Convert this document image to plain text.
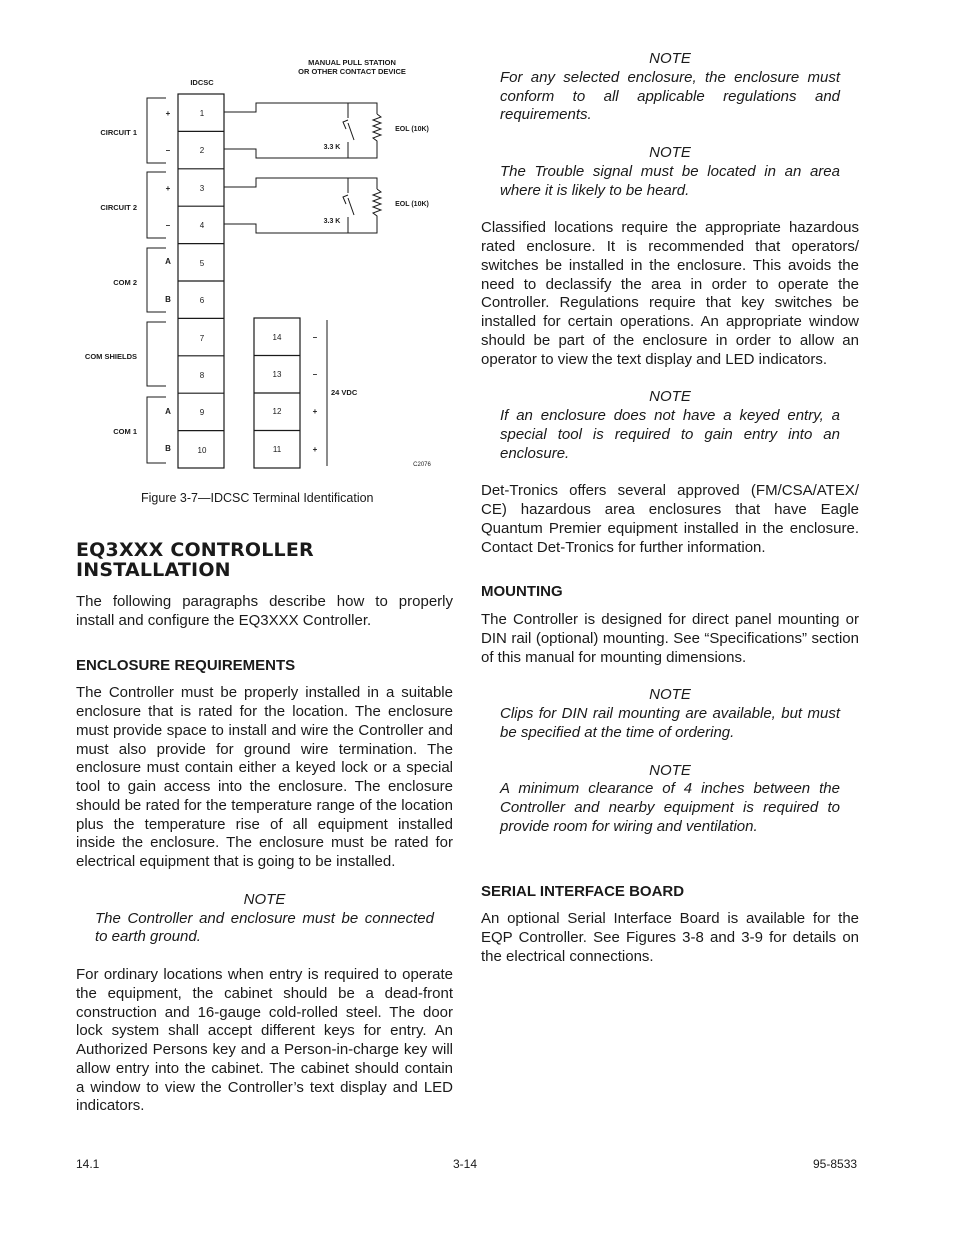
MANUAL PULL STATION
OR OTHER CONTACT DEVICE
IDCSC
1
2
3
4
5
6
7
8
9
10
CIRCUIT 1
CIRCUIT 2
COM 2
COM SHIELDS
COM 1
+
–
+
–
A
B
A
B
3.3 K
EOL (10K)
3.3 K
EOL (10K)
14
13
12
11
–
–
+
+
24 VDC
C2076
Figure 3-7—IDCSC Terminal Identification
EQ3XXX CONTROLLER
INSTALLATION

The following paragraphs describe how to properly install and configure the EQ3XXX Controller.

ENCLOSURE REQUIREMENTS

The Controller must be properly installed in a suitable enclosure that is rated for the location. The enclosure must provide space to install and wire the Controller and must also provide for ground wire termination. The enclosure must contain either a keyed lock or a special tool to gain access into the enclosure. The enclosure should be rated for the temperature range of the location plus the temperature rise of all equipment installed inside the enclosure. The enclosure must be rated for electrical equipment that is going to be installed.

NOTE
The Controller and enclosure must be connected to earth ground.

For ordinary locations when entry is required to operate the equipment, the cabinet should be a dead-front construction and 16-gauge cold-rolled steel. The door lock system shall accept different keys for entry. An Authorized Persons key and a Person-in-charge key will allow entry into the cabinet. The cabinet should contain a window to view the Controller’s text display and LED indicators.

NOTE
For any selected enclosure, the enclosure must conform to all applicable regulations and requirements.
NOTE
The Trouble signal must be located in an area where it is likely to be heard.

Classified locations require the appropriate hazardous rated enclosure. It is recommended that operators/ switches be installed in the enclosure. This avoids the need to declassify the area in order to operate the Controller. Regulations require that key switches be installed for certain operations. An appropriate window should be part of the enclosure in order to allow an operator to view the text display and LED indicators.

NOTE
If an enclosure does not have a keyed entry, a special tool is required to gain entry into an enclosure.

Det-Tronics offers several approved (FM/CSA/ATEX/ CE) hazardous area enclosures that have Eagle Quantum Premier equipment installed in the enclosure. Contact Det-Tronics for further information.

MOUNTING

The Controller is designed for direct panel mounting or DIN rail (optional) mounting. See “Specifications” section of this manual for mounting dimensions.

NOTE
Clips for DIN rail mounting are available, but must be specified at the time of ordering.
NOTE
A minimum clearance of 4 inches between the Controller and nearby equipment is required to provide room for wiring and ventilation.

SERIAL INTERFACE BOARD

An optional Serial Interface Board is available for the EQP Controller. See Figures 3-8 and 3-9 for details on the electrical connections.

14.1	3-14	95-8533
